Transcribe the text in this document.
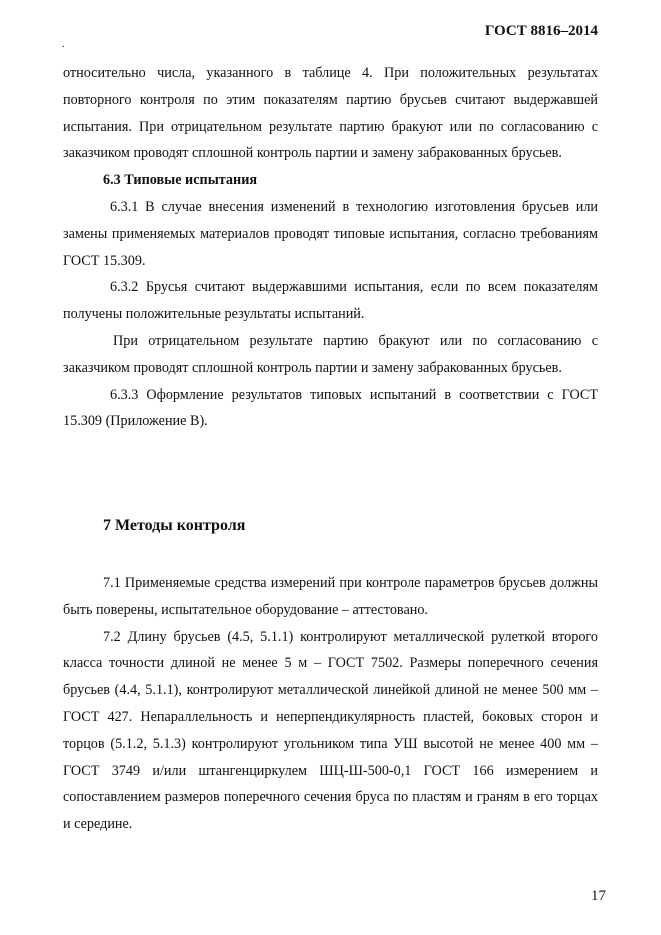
ГОСТ 8816–2014
.

относительно числа, указанного в таблице 4. При положительных результатах повторного контроля по этим показателям партию брусьев считают выдержавшей испытания. При отрицательном результате партию бракуют или по согласованию с заказчиком проводят сплошной контроль партии и замену забракованных брусьев.

6.3 Типовые испытания

6.3.1 В случае внесения изменений в технологию изготовления брусьев или замены применяемых материалов проводят типовые испытания, согласно требованиям ГОСТ 15.309.

6.3.2 Брусья считают выдержавшими испытания, если по всем показателям получены положительные результаты испытаний.

При отрицательном результате партию бракуют или по согласованию с заказчиком проводят сплошной контроль партии и замену забракованных брусьев.

6.3.3 Оформление результатов типовых испытаний в соответствии с ГОСТ 15.309 (Приложение В).

7 Методы контроля

7.1 Применяемые средства измерений при контроле параметров брусьев должны быть поверены, испытательное оборудование – аттестовано.

7.2 Длину брусьев (4.5, 5.1.1) контролируют металлической рулеткой второго класса точности длиной не менее 5 м – ГОСТ 7502. Размеры поперечного сечения брусьев (4.4, 5.1.1), контролируют металлической линейкой длиной не менее 500 мм – ГОСТ 427. Непараллельность и неперпендикулярность пластей, боковых сторон и торцов (5.1.2, 5.1.3) контролируют угольником типа УШ высотой не менее 400 мм – ГОСТ 3749 и/или штангенциркулем ШЦ-Ш-500-0,1 ГОСТ 166 измерением и сопоставлением размеров поперечного сечения бруса по пластям и граням в его торцах и середине.

17
